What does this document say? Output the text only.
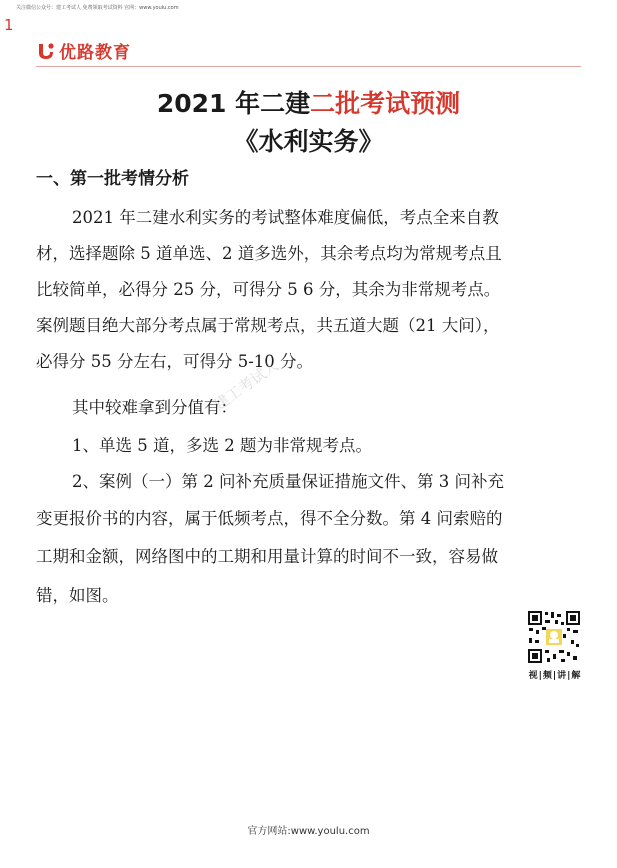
1
关注微信公众号：建工考试人 免费领取考试资料 官网：www.youlu.com
优路教育
2021 年二建二批考试预测
《水利实务》
一、第一批考情分析
2021 年二建水利实务的考试整体难度偏低，考点全来自教
材，选择题除 5 道单选、2 道多选外，其余考点均为常规考点且
比较简单，必得分 25 分，可得分 5 6 分，其余为非常规考点。
案例题目绝大部分考点属于常规考点，共五道大题（21 大问），
必得分 55 分左右，可得分 5-10 分。
其中较难拿到分值有：
1、单选 5 道，多选 2 题为非常规考点。
2、案例（一）第 2 问补充质量保证措施文件、第 3 问补充
变更报价书的内容，属于低频考点，得不全分数。第 4 问索赔的
工期和金额，网络图中的工期和用量计算的时间不一致，容易做
错，如图。
建工考试人
视|频|讲|解
官方网站:www.youlu.com
